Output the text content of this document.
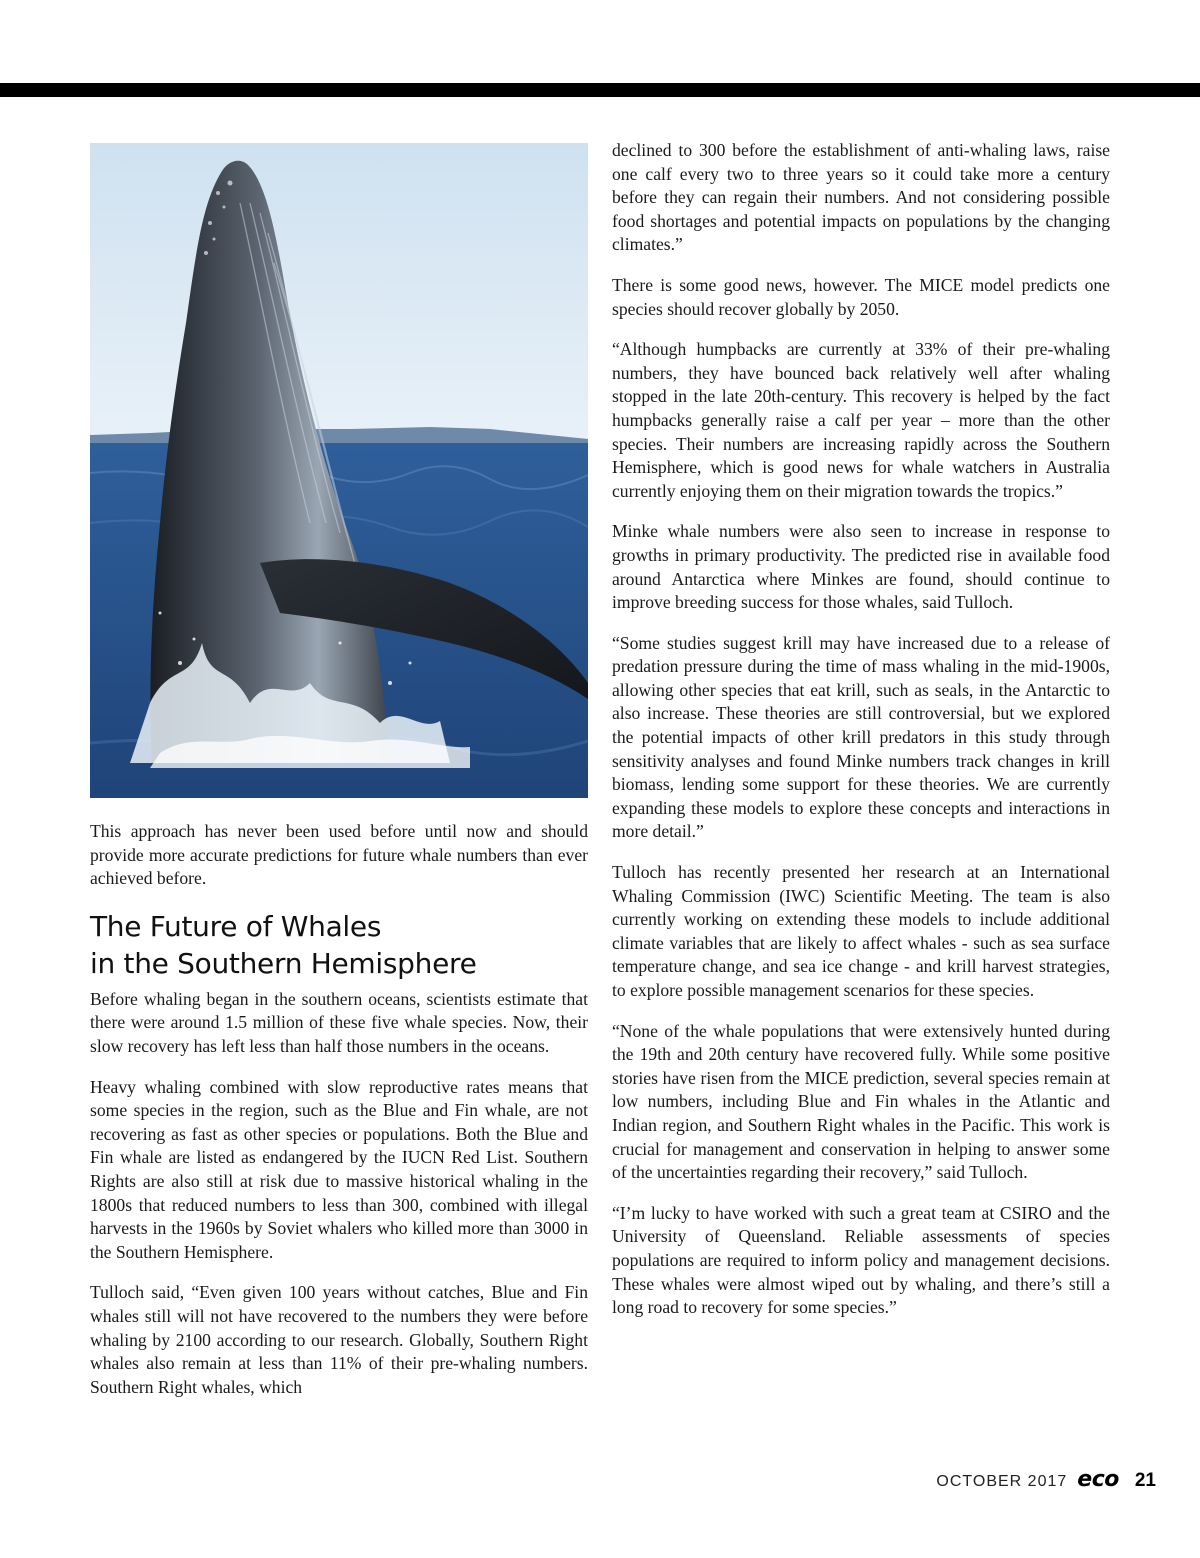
This approach has never been used before until now and should provide more accurate predictions for future whale numbers than ever achieved before.

The Future of Whales
in the Southern Hemisphere

Before whaling began in the southern oceans, scientists estimate that there were around 1.5 million of these five whale species. Now, their slow recovery has left less than half those numbers in the oceans.

Heavy whaling combined with slow reproductive rates means that some species in the region, such as the Blue and Fin whale, are not recovering as fast as other species or populations. Both the Blue and Fin whale are listed as endangered by the IUCN Red List. Southern Rights are also still at risk due to massive historical whaling in the 1800s that reduced numbers to less than 300, combined with illegal harvests in the 1960s by Soviet whalers who killed more than 3000 in the Southern Hemisphere.

Tulloch said, “Even given 100 years without catches, Blue and Fin whales still will not have recovered to the numbers they were before whaling by 2100 according to our research. Globally, Southern Right whales also remain at less than 11% of their pre-whaling numbers. Southern Right whales, which

declined to 300 before the establishment of anti-whaling laws, raise one calf every two to three years so it could take more a century before they can regain their numbers. And not considering possible food shortages and potential impacts on populations by the changing climates.”

There is some good news, however. The MICE model predicts one species should recover globally by 2050.

“Although humpbacks are currently at 33% of their pre-whaling numbers, they have bounced back relatively well after whaling stopped in the late 20th-century. This recovery is helped by the fact humpbacks generally raise a calf per year – more than the other species. Their numbers are increasing rapidly across the Southern Hemisphere, which is good news for whale watchers in Australia currently enjoying them on their migration towards the tropics.”

Minke whale numbers were also seen to increase in response to growths in primary productivity. The predicted rise in available food around Antarctica where Minkes are found, should continue to improve breeding success for those whales, said Tulloch.

“Some studies suggest krill may have increased due to a release of predation pressure during the time of mass whaling in the mid-1900s, allowing other species that eat krill, such as seals, in the Antarctic to also increase. These theories are still controversial, but we explored the potential impacts of other krill predators in this study through sensitivity analyses and found Minke numbers track changes in krill biomass, lending some support for these theories. We are currently expanding these models to explore these concepts and interactions in more detail.”

Tulloch has recently presented her research at an International Whaling Commission (IWC) Scientific Meeting. The team is also currently working on extending these models to include additional climate variables that are likely to affect whales - such as sea surface temperature change, and sea ice change - and krill harvest strategies, to explore possible management scenarios for these species.

“None of the whale populations that were extensively hunted during the 19th and 20th century have recovered fully. While some positive stories have risen from the MICE prediction, several species remain at low numbers, including Blue and Fin whales in the Atlantic and Indian region, and Southern Right whales in the Pacific. This work is crucial for management and conservation in helping to answer some of the uncertainties regarding their recovery,” said Tulloch.

“I’m lucky to have worked with such a great team at CSIRO and the University of Queensland. Reliable assessments of species populations are required to inform policy and management decisions. These whales were almost wiped out by whaling, and there’s still a long road to recovery for some species.”

OCTOBER 2017 eco 21
